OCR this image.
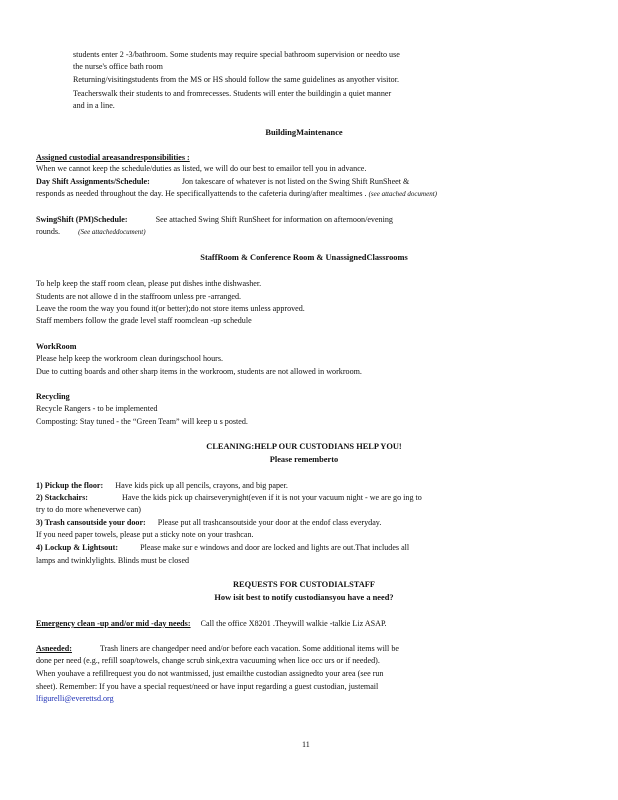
students enter 2 -3/bathroom. Some students may require special bathroom supervision or needto use
the nurse's office bath room
Returning/visitingstudents from the MS or HS should follow the same guidelines as anyother visitor.
Teacherswalk their students to and fromrecesses. Students will enter the buildingin a quiet manner
and in a line.
BuildingMaintenance
Assigned custodial areasandresponsibilities :
When we cannot keep the schedule/duties as listed, we will do our best to emailor tell you in advance.
Day Shift Assignments/Schedule:	Jon takescare of whatever is not listed on the Swing Shift RunSheet &
responds as needed throughout the day. He specificallyattends to the cafeteria during/after mealtimes . (see attached document)
SwingShift (PM)Schedule:	See attached Swing Shift RunSheet for information on afternoon/evening
rounds.	(See attacheddocument)
StaffRoom & Conference Room & UnassignedClassrooms
To help keep the staff room clean, please put dishes inthe dishwasher.
Students are not allowe d in the staffroom unless pre -arranged.
Leave the room the way you found it(or better);do not store items unless approved.
Staff members follow the grade level staff roomclean -up schedule
WorkRoom
Please help keep the workroom clean duringschool hours.
Due to cutting boards and other sharp items in the workroom, students are not allowed in workroom.
Recycling
Recycle Rangers - to be implemented
Composting: Stay tuned - the “Green Team” will keep u s posted.
CLEANING:HELP OUR CUSTODIANS HELP YOU!
Please rememberto
1) Pickup the floor: Have kids pick up all pencils, crayons, and big paper.
2) Stackchairs:	Have the kids pick up chairseverynight(even if it is not your vacuum night - we are go ing to
try to do more wheneverwe can)
3) Trash cansoutside your door: Please put all trashcansoutside your door at the endof class everyday.
If you need paper towels, please put a sticky note on your trashcan.
4) Lockup & Lightsout:	Please make sur e windows and door are locked and lights are out.That includes all
lamps and twinklylights. Blinds must be closed
REQUESTS FOR CUSTODIALSTAFF
How isit best to notify custodiansyou have a need?
Emergency clean -up and/or mid -day needs: Call the office X8201 .Theywill walkie -talkie Liz ASAP.
Asneeded:	Trash liners are changedper need and/or before each vacation. Some additional items will be
done per need (e.g., refill soap/towels, change scrub sink,extra vacuuming when lice occ urs or if needed).
When youhave a refillrequest you do not wantmissed, just emailthe custodian assignedto your area (see run
sheet). Remember: If you have a special request/need or have input regarding a guest custodian, justemail
lfigurelli@everettsd.org
11
